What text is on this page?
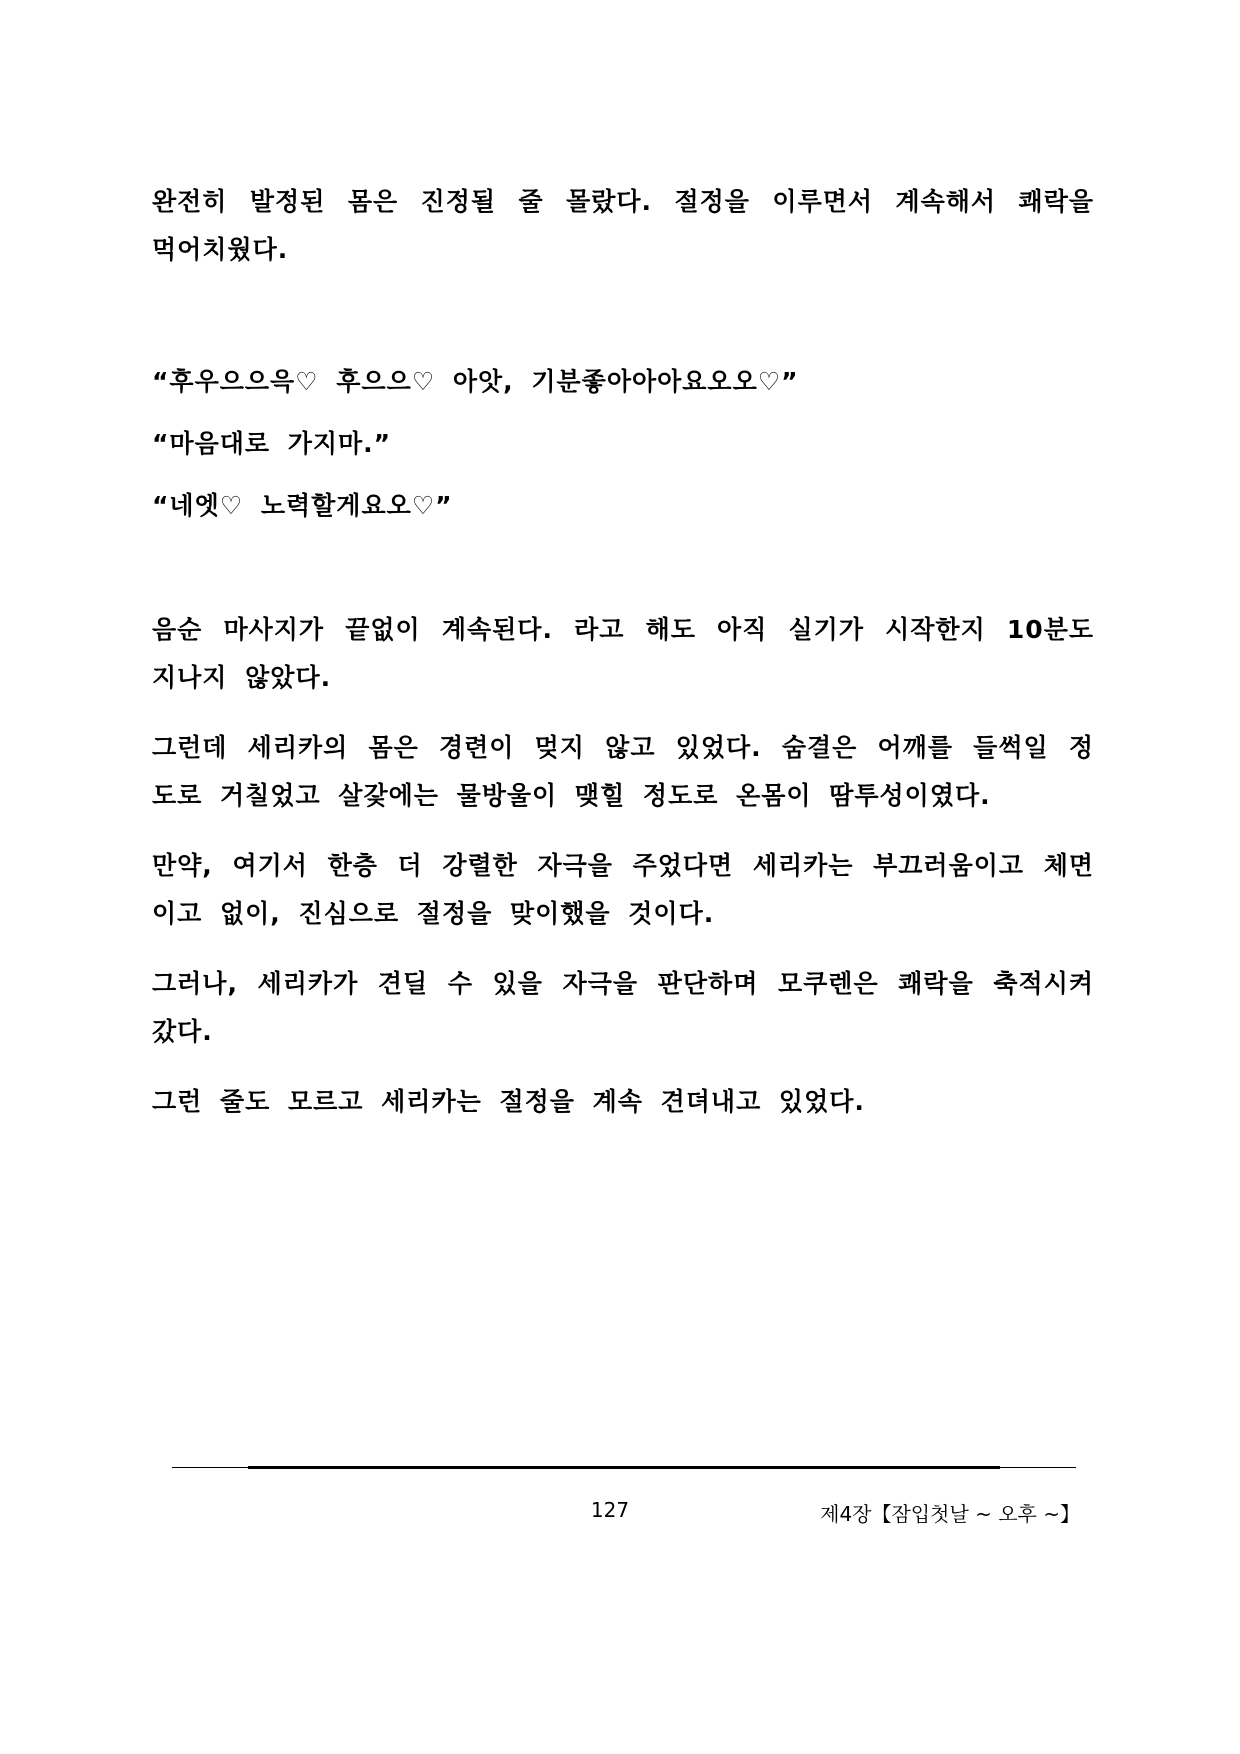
완전히 발정된 몸은 진정될 줄 몰랐다. 절정을 이루면서 계속해서 쾌락을 먹어치웠다.

“후우으으윽♡ 후으으♡ 아앗, 기분좋아아아요오오♡”

“마음대로 가지마.”

“네엣♡ 노력할게요오♡”

음순 마사지가 끝없이 계속된다. 라고 해도 아직 실기가 시작한지 10분도 지나지 않았다.

그런데 세리카의 몸은 경련이 멎지 않고 있었다. 숨결은 어깨를 들썩일 정도로 거칠었고 살갗에는 물방울이 맺힐 정도로 온몸이 땀투성이였다.

만약, 여기서 한층 더 강렬한 자극을 주었다면 세리카는 부끄러움이고 체면이고 없이, 진심으로 절정을 맞이했을 것이다.

그러나, 세리카가 견딜 수 있을 자극을 판단하며 모쿠렌은 쾌락을 축적시켜 갔다.

그런 줄도 모르고 세리카는 절정을 계속 견뎌내고 있었다.

127	제4장【잠입첫날 ~ 오후 ~】
